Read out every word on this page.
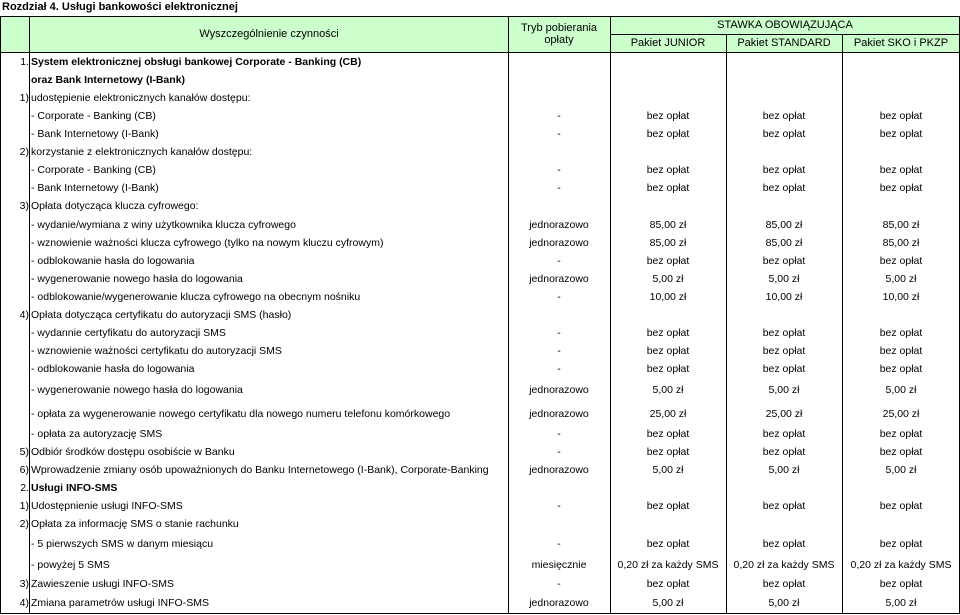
Rozdział 4. Usługi bankowości elektronicznej
Wyszczególnienie czynności	Tryb pobierania opłaty
STAWKA OBOWIĄZUJĄCA
Pakiet JUNIOR	Pakiet STANDARD	Pakiet SKO i PKZP
1. System elektronicznej obsługi bankowej Corporate - Banking (CB)
oraz Bank Internetowy (I-Bank)
1) udostępienie elektronicznych kanałów dostępu:
- Corporate - Banking (CB)	-	bez opłat	bez opłat	bez opłat
- Bank Internetowy (I-Bank)	-	bez opłat	bez opłat	bez opłat
2) korzystanie z elektronicznych kanałów dostępu:
- Corporate - Banking (CB)	-	bez opłat	bez opłat	bez opłat
- Bank Internetowy (I-Bank)	-	bez opłat	bez opłat	bez opłat
3) Opłata dotycząca klucza cyfrowego:
- wydanie/wymiana z winy użytkownika klucza cyfrowego	jednorazowo	85,00 zł	85,00 zł	85,00 zł
- wznowienie ważności klucza cyfrowego (tylko na nowym kluczu cyfrowym)	jednorazowo	85,00 zł	85,00 zł	85,00 zł
- odblokowanie hasła do logowania	-	bez opłat	bez opłat	bez opłat
- wygenerowanie nowego hasła do logowania	jednorazowo	5,00 zł	5,00 zł	5,00 zł
- odblokowanie/wygenerowanie klucza cyfrowego na obecnym nośniku	-	10,00 zł	10,00 zł	10,00 zł
4) Opłata dotycząca certyfikatu do autoryzacji SMS (hasło)
- wydannie certyfikatu do autoryzacji SMS	-	bez opłat	bez opłat	bez opłat
- wznowienie ważności certyfikatu do autoryzacji SMS	-	bez opłat	bez opłat	bez opłat
- odblokowanie hasła do logowania	-	bez opłat	bez opłat	bez opłat
- wygenerowanie nowego hasła do logowania	jednorazowo	5,00 zł	5,00 zł	5,00 zł
- opłata za wygenerowanie nowego certyfikatu dla nowego numeru telefonu komórkowego	jednorazowo	25,00 zł	25,00 zł	25,00 zł
- opłata za autoryzację SMS	-	bez opłat	bez opłat	bez opłat
5) Odbiór środków dostępu osobiście w Banku	-	bez opłat	bez opłat	bez opłat
6) Wprowadzenie zmiany osób upoważnionych do Banku Internetowego (I-Bank), Corporate-Banking	jednorazowo	5,00 zł	5,00 zł	5,00 zł
2. Usługi INFO-SMS
1) Udostępnienie usługi INFO-SMS	-	bez opłat	bez opłat	bez opłat
2) Opłata za informację SMS o stanie rachunku
- 5 pierwszych SMS w danym miesiącu	-	bez opłat	bez opłat	bez opłat
- powyżej 5 SMS	miesięcznie	0,20 zł za każdy SMS	0,20 zł za każdy SMS	0,20 zł za każdy SMS
3) Zawieszenie usługi INFO-SMS	-	bez opłat	bez opłat	bez opłat
4) Zmiana parametrów usługi INFO-SMS	jednorazowo	5,00 zł	5,00 zł	5,00 zł
